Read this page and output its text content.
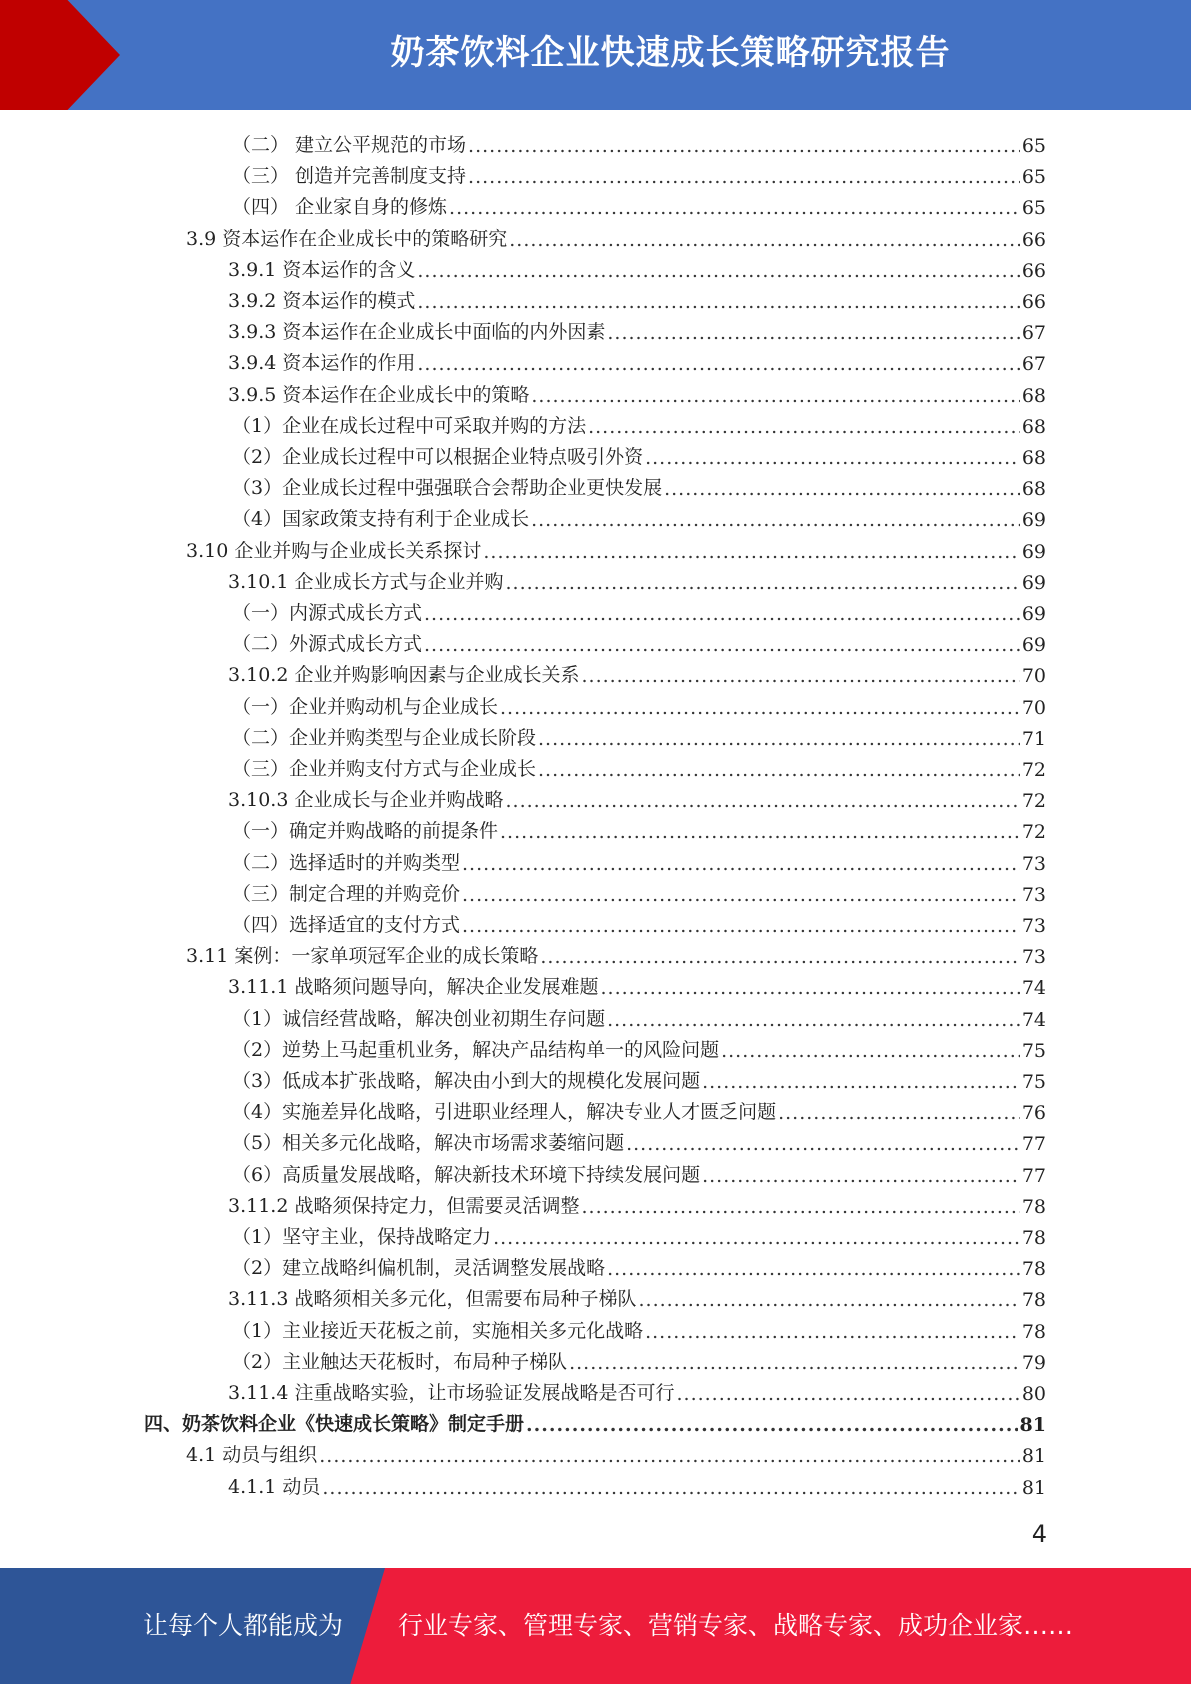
奶茶饮料企业快速成长策略研究报告
（二） 建立公平规范的市场 .....	65
（三） 创造并完善制度支持 .....	65
（四） 企业家自身的修炼 .....	65
3.9 资本运作在企业成长中的策略研究 .....	66
3.9.1 资本运作的含义 .....	66
3.9.2 资本运作的模式 .....	66
3.9.3 资本运作在企业成长中面临的内外因素 .....	67
3.9.4 资本运作的作用 .....	67
3.9.5 资本运作在企业成长中的策略 .....	68
（1）企业在成长过程中可采取并购的方法 .....	68
（2）企业成长过程中可以根据企业特点吸引外资 .....	68
（3）企业成长过程中强强联合会帮助企业更快发展 .....	68
（4）国家政策支持有利于企业成长 .....	69
3.10 企业并购与企业成长关系探讨 .....	69
3.10.1 企业成长方式与企业并购 .....	69
（一）内源式成长方式 .....	69
（二）外源式成长方式 .....	69
3.10.2 企业并购影响因素与企业成长关系 .....	70
（一）企业并购动机与企业成长 .....	70
（二）企业并购类型与企业成长阶段 .....	71
（三）企业并购支付方式与企业成长 .....	72
3.10.3 企业成长与企业并购战略 .....	72
（一）确定并购战略的前提条件 .....	72
（二）选择适时的并购类型 .....	73
（三）制定合理的并购竞价 .....	73
（四）选择适宜的支付方式 .....	73
3.11 案例：一家单项冠军企业的成长策略 .....	73
3.11.1 战略须问题导向，解决企业发展难题 .....	74
（1）诚信经营战略，解决创业初期生存问题 .....	74
（2）逆势上马起重机业务，解决产品结构单一的风险问题 .....	75
（3）低成本扩张战略，解决由小到大的规模化发展问题 .....	75
（4）实施差异化战略，引进职业经理人，解决专业人才匮乏问题 .....	76
（5）相关多元化战略，解决市场需求萎缩问题 .....	77
（6）高质量发展战略，解决新技术环境下持续发展问题 .....	77
3.11.2 战略须保持定力，但需要灵活调整 .....	78
（1）坚守主业，保持战略定力 .....	78
（2）建立战略纠偏机制，灵活调整发展战略 .....	78
3.11.3 战略须相关多元化，但需要布局种子梯队 .....	78
（1）主业接近天花板之前，实施相关多元化战略 .....	78
（2）主业触达天花板时，布局种子梯队 .....	79
3.11.4 注重战略实验，让市场验证发展战略是否可行 .....	80
四、奶茶饮料企业《快速成长策略》制定手册 .....	81
4.1 动员与组织 .....	81
4.1.1 动员 .....	81
4
让每个人都能成为 行业专家、管理专家、营销专家、战略专家、成功企业家……
